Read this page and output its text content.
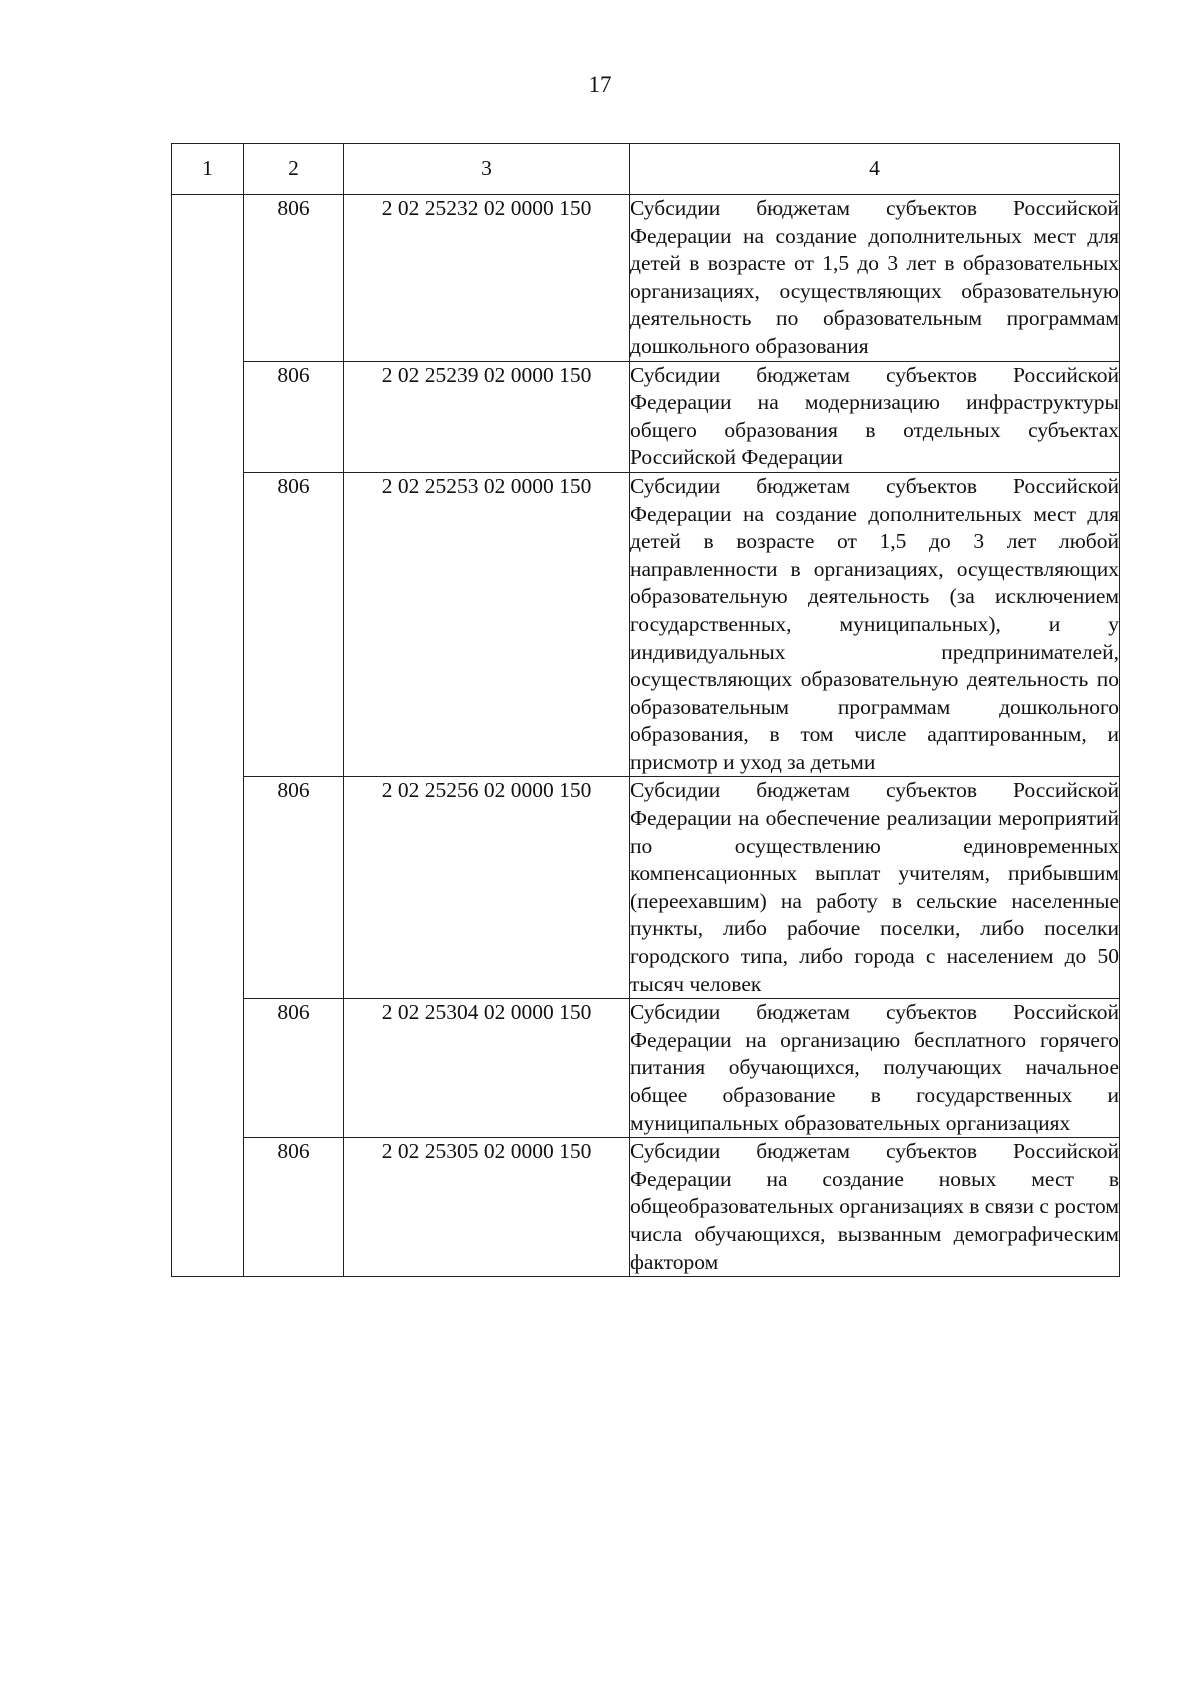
17
1	2	3	4
	806	2 02 25232 02 0000 150	Субсидии бюджетам субъектов Российской Федерации на создание дополнительных мест для детей в возрасте от 1,5 до 3 лет в образовательных организациях, осуществляющих образовательную деятельность по образовательным программам дошкольного образования
	806	2 02 25239 02 0000 150	Субсидии бюджетам субъектов Российской Федерации на модернизацию инфраструктуры общего образования в отдельных субъектах Российской Федерации
	806	2 02 25253 02 0000 150	Субсидии бюджетам субъектов Российской Федерации на создание дополнительных мест для детей в возрасте от 1,5 до 3 лет любой направленности в организациях, осуществляющих образовательную деятельность (за исключением государственных, муниципальных), и у индивидуальных предпринимателей, осуществляющих образовательную деятельность по образовательным программам дошкольного образования, в том числе адаптированным, и присмотр и уход за детьми
	806	2 02 25256 02 0000 150	Субсидии бюджетам субъектов Российской Федерации на обеспечение реализации мероприятий по осуществлению единовременных компенсационных выплат учителям, прибывшим (переехавшим) на работу в сельские населенные пункты, либо рабочие поселки, либо поселки городского типа, либо города с населением до 50 тысяч человек
	806	2 02 25304 02 0000 150	Субсидии бюджетам субъектов Российской Федерации на организацию бесплатного горячего питания обучающихся, получающих начальное общее образование в государственных и муниципальных образовательных организациях
	806	2 02 25305 02 0000 150	Субсидии бюджетам субъектов Российской Федерации на создание новых мест в общеобразовательных организациях в связи с ростом числа обучающихся, вызванным демографическим фактором
